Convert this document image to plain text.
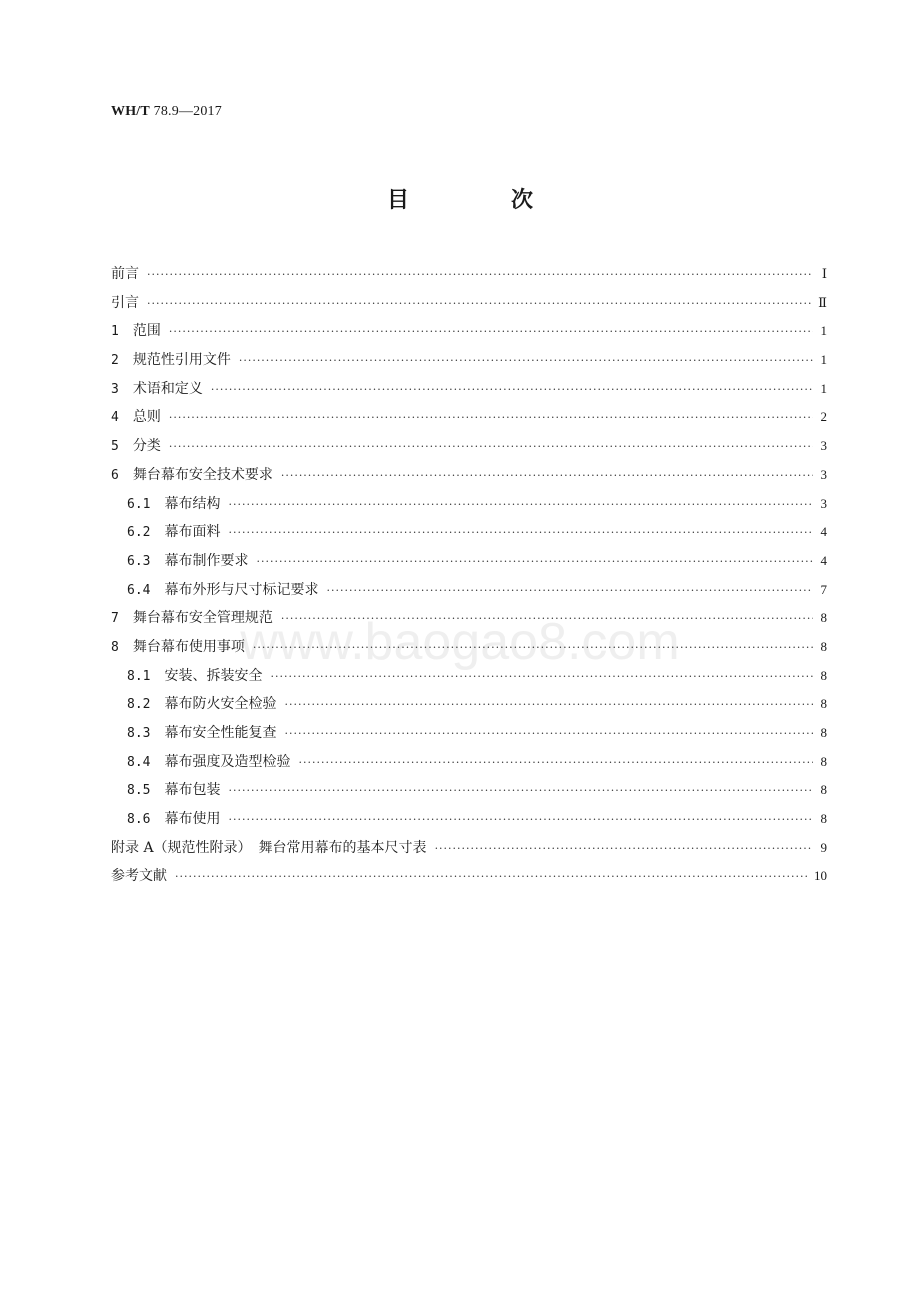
WH/T 78.9—2017
目　次
www.baogao8.com
前言 ·····	Ⅰ
引言 ·····	Ⅱ
1 范围 ·····	1
2 规范性引用文件 ·····	1
3 术语和定义 ·····	1
4 总则 ·····	2
5 分类 ·····	3
6 舞台幕布安全技术要求 ·····	3
6.1 幕布结构 ·····	3
6.2 幕布面料 ·····	4
6.3 幕布制作要求 ·····	4
6.4 幕布外形与尺寸标记要求 ·····	7
7 舞台幕布安全管理规范 ·····	8
8 舞台幕布使用事项 ·····	8
8.1 安装、拆装安全 ·····	8
8.2 幕布防火安全检验 ·····	8
8.3 幕布安全性能复查 ·····	8
8.4 幕布强度及造型检验 ·····	8
8.5 幕布包装 ·····	8
8.6 幕布使用 ·····	8
附录 A（规范性附录）　舞台常用幕布的基本尺寸表 ·····	9
参考文献 ·····	10
